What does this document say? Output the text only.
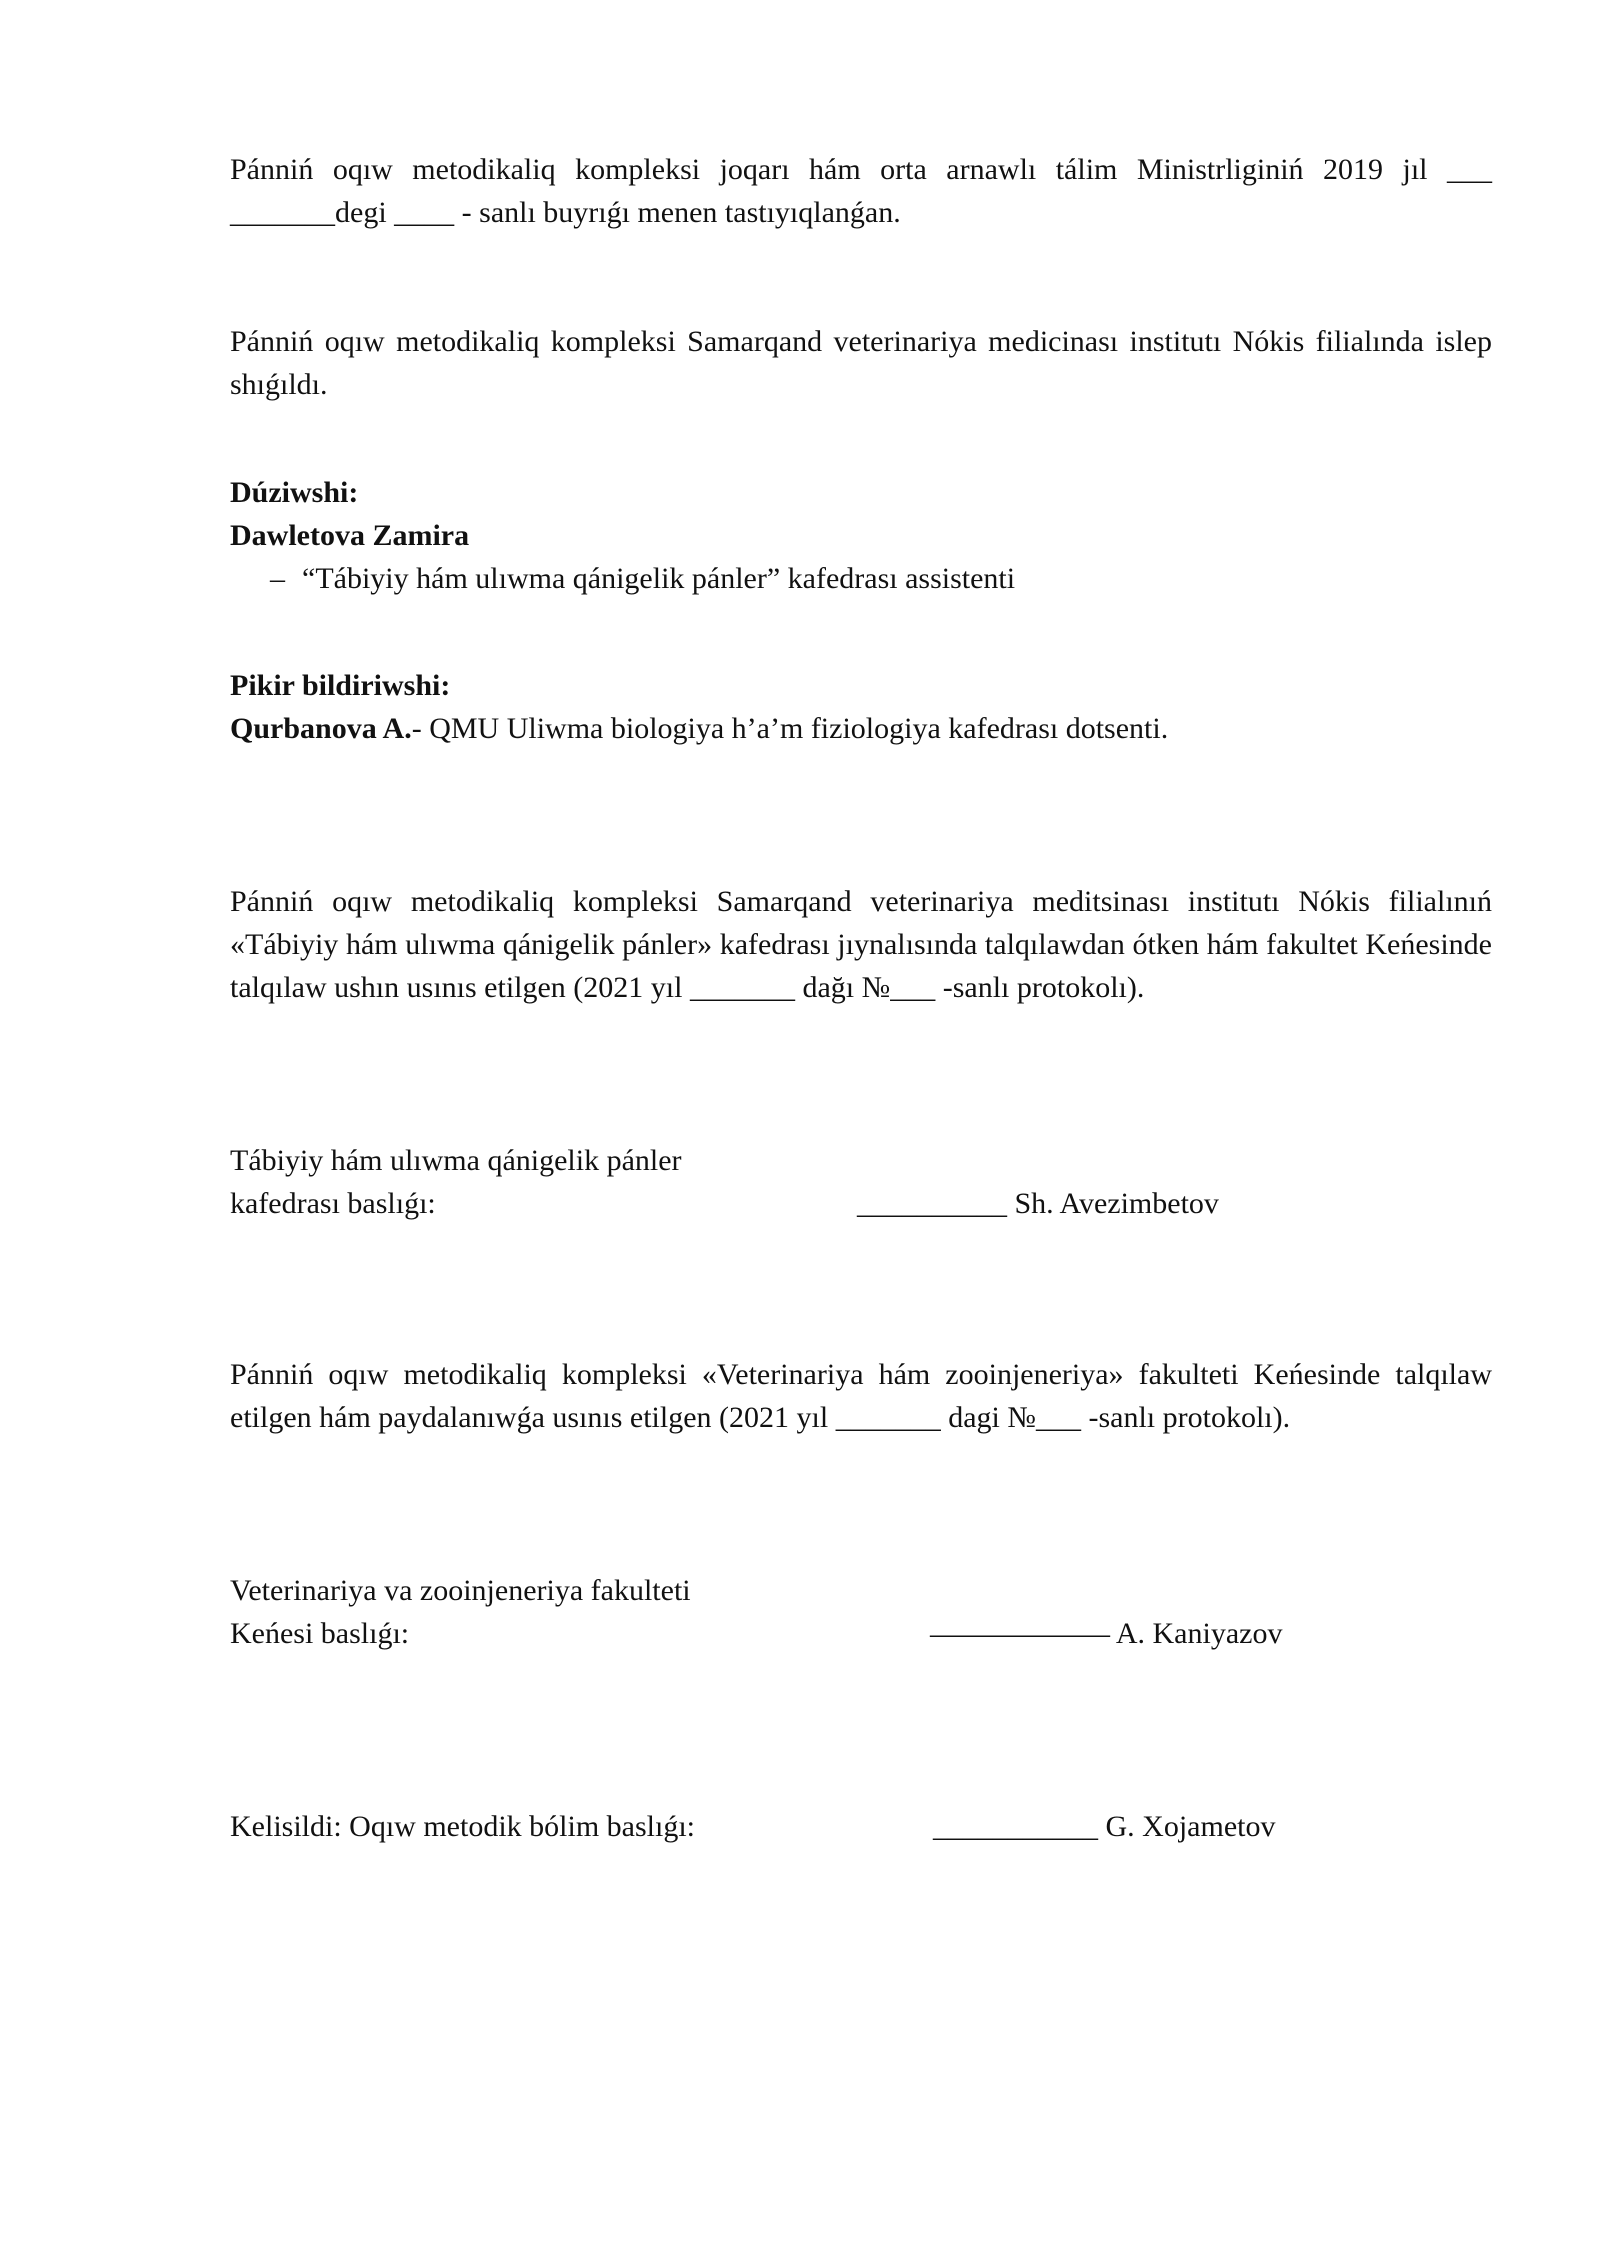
Pánniń oqıw metodikaliq kompleksi joqarı hám orta arnawlı tálim Ministrliginiń 2019 jıl ___ _______degi ____ - sanlı buyrıǵı menen tastıyıqlanǵan.

Pánniń oqıw metodikaliq kompleksi Samarqand veterinariya medicinası institutı Nókis filialında islep shıǵıldı.

Dúziwshi:
Dawletova Zamira
– “Tábiyiy hám ulıwma qánigelik pánler” kafedrası assistenti
Pikir bildiriwshi:
Qurbanova A.- QMU Uliwma biologiya h’a’m fiziologiya kafedrası dotsenti.

Pánniń oqıw metodikaliq kompleksi Samarqand veterinariya meditsinası institutı Nókis filialınıń «Tábiyiy hám ulıwma qánigelik pánler» kafedrası jıynalısında talqılawdan ótken hám fakultet Keńesinde talqılaw ushın usınıs etilgen (2021 yıl _______ dağı №___ -sanlı protokolı).

Tábiyiy hám ulıwma qánigelik pánler
kafedrası baslıǵı:	__________ Sh. Avezimbetov

Pánniń oqıw metodikaliq kompleksi «Veterinariya hám zooinjeneriya» fakulteti Keńesinde talqılaw etilgen hám paydalanıwǵa usınıs etilgen (2021 yıl _______ dagi №___ -sanlı protokolı).

Veterinariya va zooinjeneriya fakulteti
Keńesi baslıǵı:	—————— A. Kaniyazov
Kelisildi: Oqıw metodik bólim baslıǵı:	___________ G. Xojametov
